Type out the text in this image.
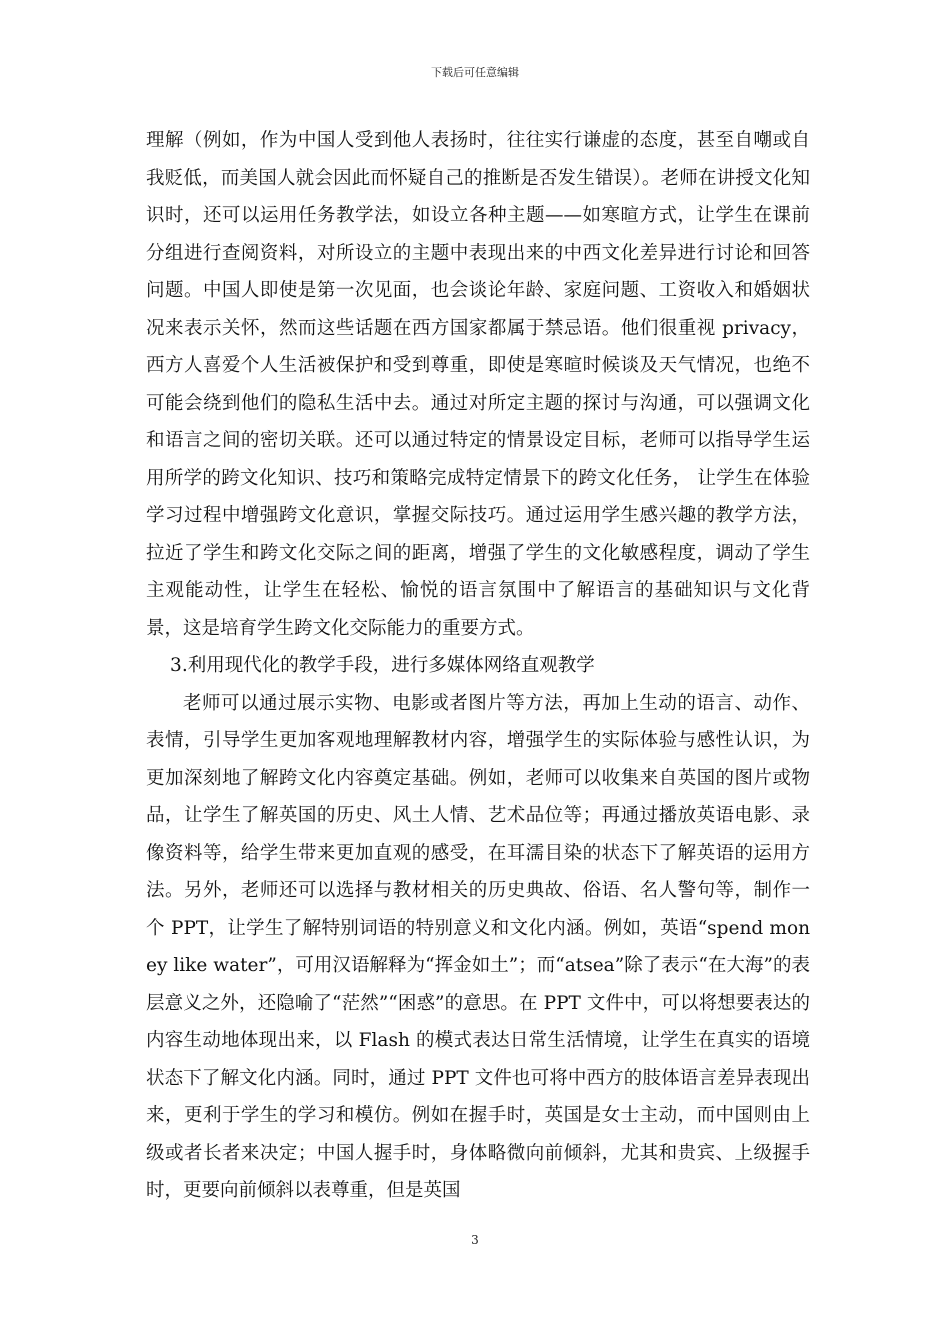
下载后可任意编辑

理解（例如，作为中国人受到他人表扬时，往往实行谦虚的态度，甚至自嘲或自我贬低，而美国人就会因此而怀疑自己的推断是否发生错误）。老师在讲授文化知识时，还可以运用任务教学法，如设立各种主题——如寒暄方式，让学生在课前分组进行查阅资料，对所设立的主题中表现出来的中西文化差异进行讨论和回答问题。中国人即使是第一次见面，也会谈论年龄、家庭问题、工资收入和婚姻状况来表示关怀，然而这些话题在西方国家都属于禁忌语。他们很重视 privacy，西方人喜爱个人生活被保护和受到尊重，即使是寒暄时候谈及天气情况，也绝不可能会绕到他们的隐私生活中去。通过对所定主题的探讨与沟通，可以强调文化和语言之间的密切关联。还可以通过特定的情景设定目标，老师可以指导学生运用所学的跨文化知识、技巧和策略完成特定情景下的跨文化任务， 让学生在体验学习过程中增强跨文化意识，掌握交际技巧。通过运用学生感兴趣的教学方法，拉近了学生和跨文化交际之间的距离，增强了学生的文化敏感程度，调动了学生主观能动性，让学生在轻松、愉悦的语言氛围中了解语言的基础知识与文化背景，这是培育学生跨文化交际能力的重要方式。

3.利用现代化的教学手段，进行多媒体网络直观教学

老师可以通过展示实物、电影或者图片等方法，再加上生动的语言、动作、表情，引导学生更加客观地理解教材内容，增强学生的实际体验与感性认识，为更加深刻地了解跨文化内容奠定基础。例如，老师可以收集来自英国的图片或物品，让学生了解英国的历史、风土人情、艺术品位等；再通过播放英语电影、录像资料等，给学生带来更加直观的感受，在耳濡目染的状态下了解英语的运用方法。另外，老师还可以选择与教材相关的历史典故、俗语、名人警句等，制作一个 PPT，让学生了解特别词语的特别意义和文化内涵。例如，英语“spend money like water”，可用汉语解释为“挥金如土”；而“atsea”除了表示“在大海”的表层意义之外，还隐喻了“茫然”“困惑”的意思。在 PPT 文件中，可以将想要表达的内容生动地体现出来，以 Flash 的模式表达日常生活情境，让学生在真实的语境状态下了解文化内涵。同时，通过 PPT 文件也可将中西方的肢体语言差异表现出来，更利于学生的学习和模仿。例如在握手时，英国是女士主动，而中国则由上级或者长者来决定；中国人握手时，身体略微向前倾斜，尤其和贵宾、上级握手时，更要向前倾斜以表尊重，但是英国

3
